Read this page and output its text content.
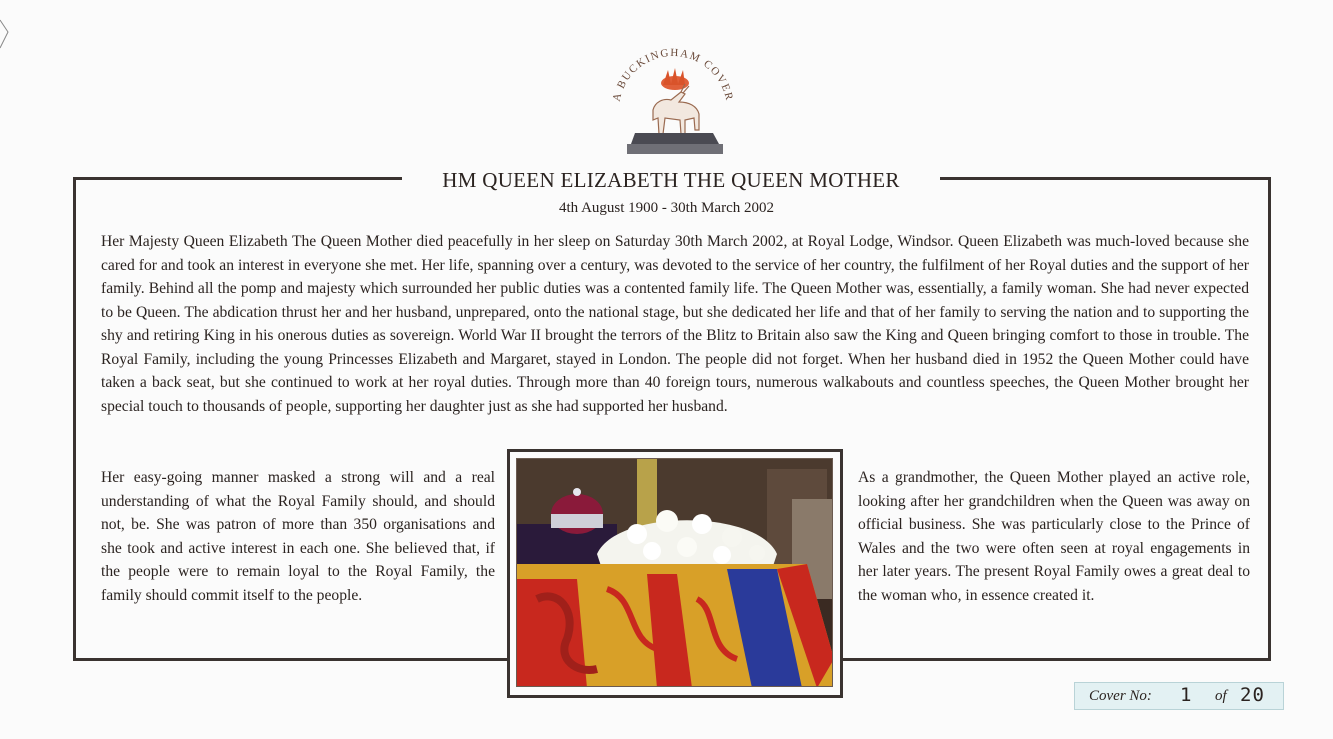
A BUCKINGHAM COVER
HM QUEEN ELIZABETH THE QUEEN MOTHER
4th August 1900 - 30th March 2002

Her Majesty Queen Elizabeth The Queen Mother died peacefully in her sleep on Saturday 30th March 2002, at Royal Lodge, Windsor. Queen Elizabeth was much-loved because she cared for and took an interest in everyone she met. Her life, spanning over a century, was devoted to the service of her country, the fulfilment of her Royal duties and the support of her family. Behind all the pomp and majesty which surrounded her public duties was a contented family life. The Queen Mother was, essentially, a family woman. She had never expected to be Queen. The abdication thrust her and her husband, unprepared, onto the national stage, but she dedicated her life and that of her family to serving the nation and to supporting the shy and retiring King in his onerous duties as sovereign. World War II brought the terrors of the Blitz to Britain also saw the King and Queen bringing comfort to those in trouble. The Royal Family, including the young Princesses Elizabeth and Margaret, stayed in London. The people did not forget. When her husband died in 1952 the Queen Mother could have taken a back seat, but she continued to work at her royal duties. Through more than 40 foreign tours, numerous walkabouts and countless speeches, the Queen Mother brought her special touch to thousands of people, supporting her daughter just as she had supported her husband.

Her easy-going manner masked a strong will and a real understanding of what the Royal Family should, and should not, be. She was patron of more than 350 organisations and she took and active interest in each one. She believed that, if the people were to remain loyal to the Royal Family, the family should commit itself to the people.

As a grandmother, the Queen Mother played an active role, looking after her grandchildren when the Queen was away on official business. She was particularly close to the Prince of Wales and the two were often seen at royal engagements in her later years. The present Royal Family owes a great deal to the woman who, in essence created it.

Cover No: 1 of 20
